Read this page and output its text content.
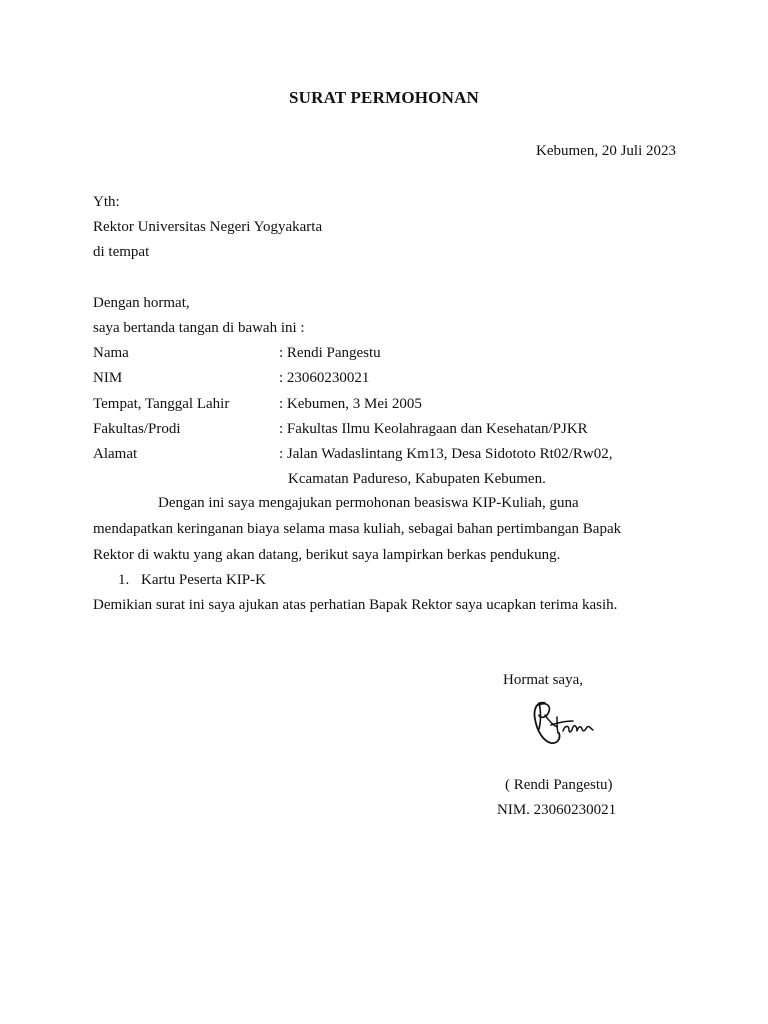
SURAT PERMOHONAN
Kebumen, 20 Juli 2023
Yth:
Rektor Universitas Negeri Yogyakarta
di tempat
Dengan hormat,
saya bertanda tangan di bawah ini :
Nama	: Rendi Pangestu
NIM	: 23060230021
Tempat, Tanggal Lahir	: Kebumen, 3 Mei 2005
Fakultas/Prodi	: Fakultas Ilmu Keolahragaan dan Kesehatan/PJKR
Alamat	: Jalan Wadaslintang Km13, Desa Sidototo Rt02/Rw02,
Kcamatan Padureso, Kabupaten Kebumen.
Dengan ini saya mengajukan permohonan beasiswa KIP-Kuliah, guna
mendapatkan keringanan biaya selama masa kuliah, sebagai bahan pertimbangan Bapak
Rektor di waktu yang akan datang, berikut saya lampirkan berkas pendukung.
1. Kartu Peserta KIP-K
Demikian surat ini saya ajukan atas perhatian Bapak Rektor saya ucapkan terima kasih.
Hormat saya,
( Rendi Pangestu)
NIM. 23060230021
